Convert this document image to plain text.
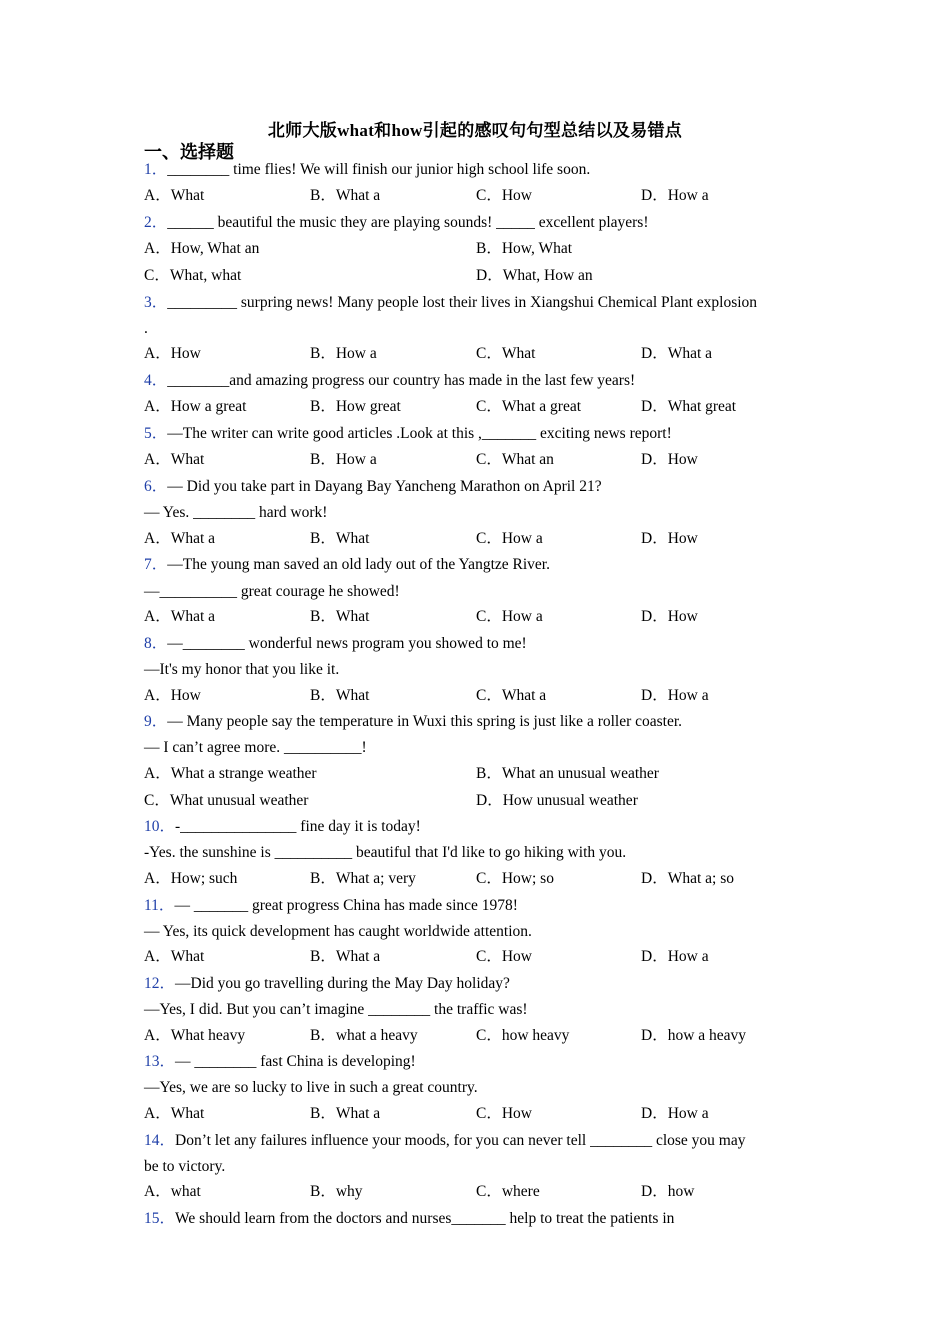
北师大版what和how引起的感叹句句型总结以及易错点
一、选择题
1．________ time flies! We will finish our junior high school life soon.
A．What	B．What a	C．How	D．How a
2．______ beautiful the music they are playing sounds! _____ excellent players!
A．How, What an	B．How, What
C．What, what	D．What, How an
3．_________ surpring news! Many people lost their lives in Xiangshui Chemical Plant explosion
.
A．How	B．How a	C．What	D．What a
4．________and amazing progress our country has made in the last few years!
A．How a great	B．How great	C．What a great	D．What great
5．—The writer can write good articles .Look at this ,_______ exciting news report!
A．What	B．How a	C．What an	D．How
6．— Did you take part in Dayang Bay Yancheng Marathon on April 21?
— Yes. ________ hard work!
A．What a	B．What	C．How a	D．How
7．—The young man saved an old lady out of the Yangtze River.
—__________ great courage he showed!
A．What a	B．What	C．How a	D．How
8．—________ wonderful news program you showed to me!
—It's my honor that you like it.
A．How	B．What	C．What a	D．How a
9．— Many people say the temperature in Wuxi this spring is just like a roller coaster.
— I can’t agree more. __________!
A．What a strange weather	B．What an unusual weather
C．What unusual weather	D．How unusual weather
10．-_______________ fine day it is today!
-Yes. the sunshine is __________ beautiful that I'd like to go hiking with you.
A．How; such	B．What a; very	C．How; so	D．What a; so
11．— _______ great progress China has made since 1978!
— Yes, its quick development has caught worldwide attention.
A．What	B．What a	C．How	D．How a
12．—Did you go travelling during the May Day holiday?
—Yes, I did. But you can’t imagine ________ the traffic was!
A．What heavy	B．what a heavy	C．how heavy	D．how a heavy
13．— ________ fast China is developing!
—Yes, we are so lucky to live in such a great country.
A．What	B．What a	C．How	D．How a
14．Don’t let any failures influence your moods, for you can never tell ________ close you may
be to victory.
A．what	B．why	C．where	D．how
15．We should learn from the doctors and nurses_______ help to treat the patients in
